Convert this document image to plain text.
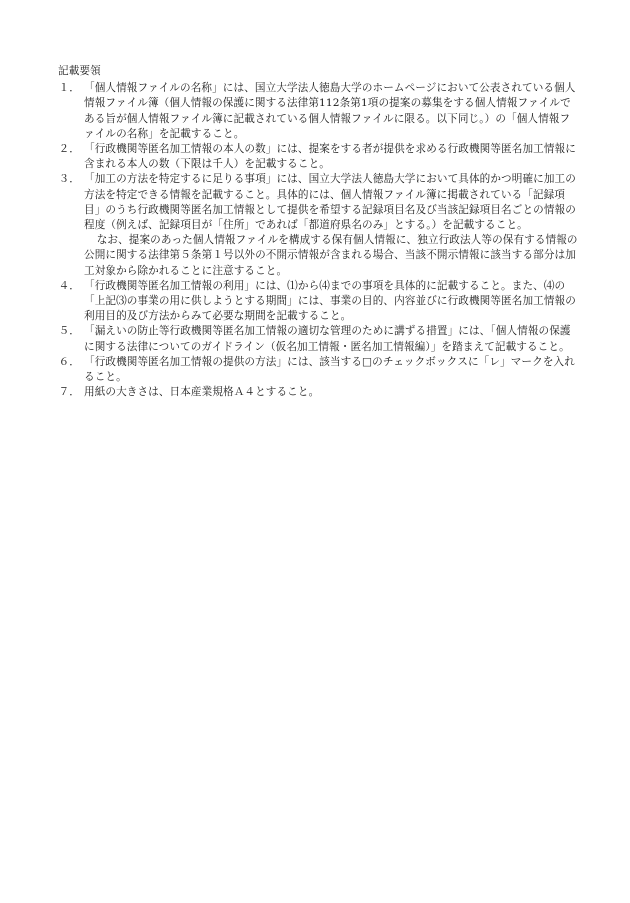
記載要領
１． 「個人情報ファイルの名称」には、国立大学法人徳島大学のホームページにおいて公表されている個人情報ファイル簿（個人情報の保護に関する法律第112条第1項の提案の募集をする個人情報ファイルである旨が個人情報ファイル簿に記載されている個人情報ファイルに限る。以下同じ。）の「個人情報ファイルの名称」を記載すること。

２． 「行政機関等匿名加工情報の本人の数」には、提案をする者が提供を求める行政機関等匿名加工情報に含まれる本人の数（下限は千人）を記載すること。

３． 「加工の方法を特定するに足りる事項」には、国立大学法人徳島大学において具体的かつ明確に加工の方法を特定できる情報を記載すること。具体的には、個人情報ファイル簿に掲載されている「記録項目」のうち行政機関等匿名加工情報として提供を希望する記録項目名及び当該記録項目名ごとの情報の程度（例えば、記録項目が「住所」であれば「都道府県名のみ」とする。）を記載すること。

なお、提案のあった個人情報ファイルを構成する保有個人情報に、独立行政法人等の保有する情報の公開に関する法律第５条第１号以外の不開示情報が含まれる場合、当該不開示情報に該当する部分は加工対象から除かれることに注意すること。

４． 「行政機関等匿名加工情報の利用」には、⑴から⑷までの事項を具体的に記載すること。また、⑷の「上記⑶の事業の用に供しようとする期間」には、事業の目的、内容並びに行政機関等匿名加工情報の利用目的及び方法からみて必要な期間を記載すること。

５． 「漏えいの防止等行政機関等匿名加工情報の適切な管理のために講ずる措置」には、「個人情報の保護に関する法律についてのガイドライン（仮名加工情報・匿名加工情報編）」を踏まえて記載すること。

６． 「行政機関等匿名加工情報の提供の方法」には、該当する□のチェックボックスに「レ」マークを入れること。

７． 用紙の大きさは、日本産業規格Ａ４とすること。
